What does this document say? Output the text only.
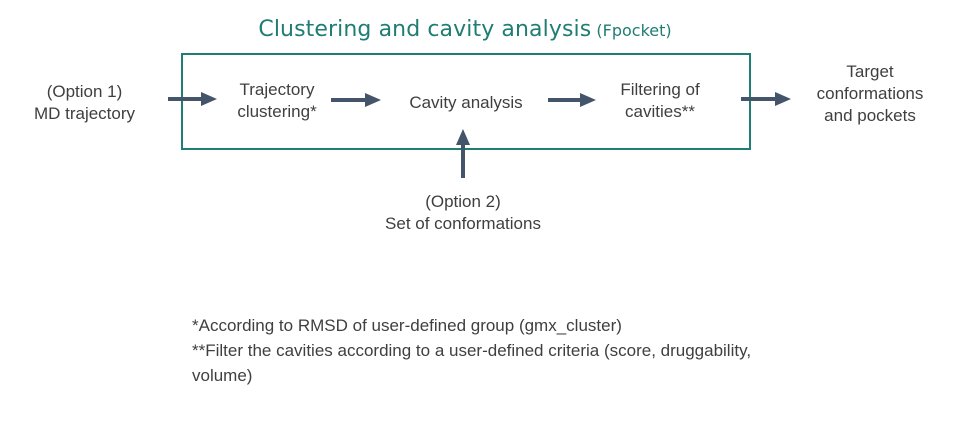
Clustering and cavity analysis (Fpocket)
(Option 1)
MD trajectory
Trajectory
clustering*	Cavity analysis
Filtering of
cavities**
Target
conformations
and pockets
(Option 2)
Set of conformations
*According to RMSD of user-defined group (gmx_cluster)
**Filter the cavities according to a user-defined criteria (score, druggability, volume)
